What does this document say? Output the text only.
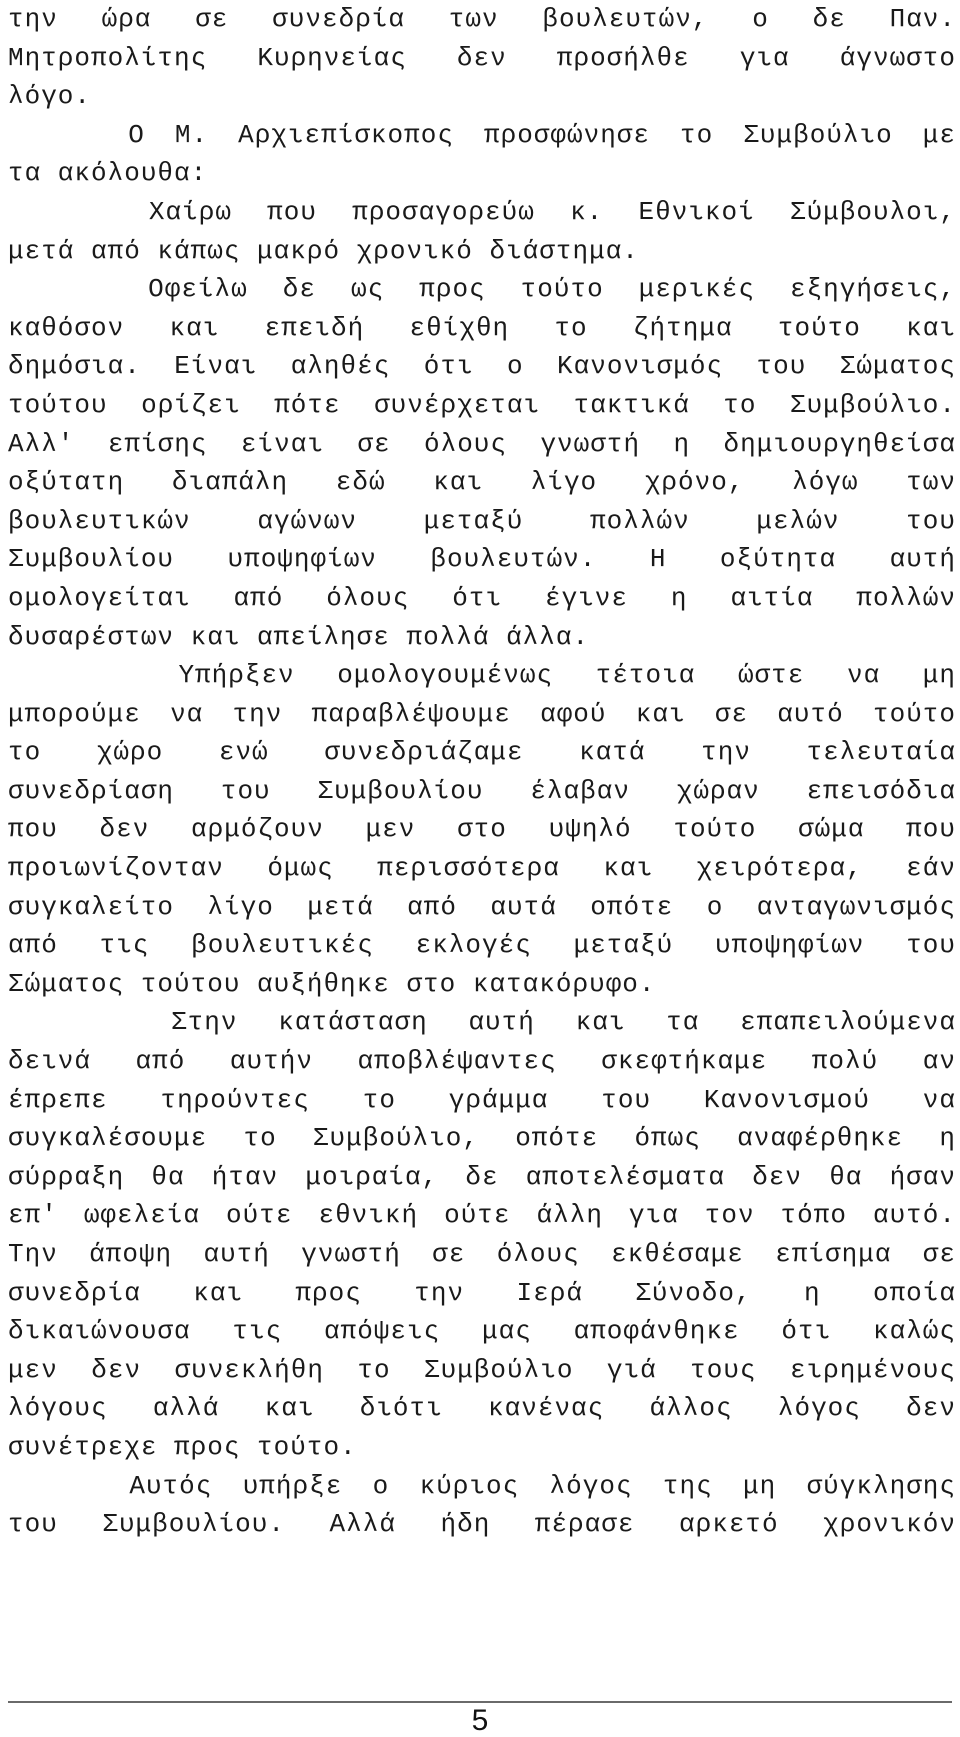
την ώρα σε συνεδρία των βουλευτών, ο δε Παν.
Μητροπολίτης Κυρηνείας δεν προσήλθε για άγνωστο
λόγο.
Ο Μ. Αρχιεπίσκοπος προσφώνησε το Συμβούλιο με
τα ακόλουθα:
Χαίρω που προσαγορεύω κ. Εθνικοί Σύμβουλοι,
μετά από κάπως μακρό χρονικό διάστημα.
Οφείλω δε ως προς τούτο μερικές εξηγήσεις,
καθόσον και επειδή εθίχθη το ζήτημα τούτο και
δημόσια. Είναι αληθές ότι ο Κανονισμός του Σώματος
τούτου ορίζει πότε συνέρχεται τακτικά το Συμβούλιο.
Αλλ' επίσης είναι σε όλους γνωστή η δημιουργηθείσα
οξύτατη διαπάλη εδώ και λίγο χρόνο, λόγω των
βουλευτικών αγώνων μεταξύ πολλών μελών του
Συμβουλίου υποψηφίων βουλευτών. Η οξύτητα αυτή
ομολογείται από όλους ότι έγινε η αιτία πολλών
δυσαρέστων και απείλησε πολλά άλλα.
Υπήρξεν ομολογουμένως τέτοια ώστε να μη
μπορούμε να την παραβλέψουμε αφού και σε αυτό τούτο
το χώρο ενώ συνεδριάζαμε κατά την τελευταία
συνεδρίαση του Συμβουλίου έλαβαν χώραν επεισόδια
που δεν αρμόζουν μεν στο υψηλό τούτο σώμα που
προιωνίζονταν όμως περισσότερα και χειρότερα, εάν
συγκαλείτο λίγο μετά από αυτά οπότε ο ανταγωνισμός
από τις βουλευτικές εκλογές μεταξύ υποψηφίων του
Σώματος τούτου αυξήθηκε στο κατακόρυφο.
Στην κατάσταση αυτή και τα επαπειλούμενα
δεινά από αυτήν αποβλέψαντες σκεφτήκαμε πολύ αν
έπρεπε τηρούντες το γράμμα του Κανονισμού να
συγκαλέσουμε το Συμβούλιο, οπότε όπως αναφέρθηκε η
σύρραξη θα ήταν μοιραία, δε αποτελέσματα δεν θα ήσαν
επ' ωφελεία ούτε εθνική ούτε άλλη για τον τόπο αυτό.
Την άποψη αυτή γνωστή σε όλους εκθέσαμε επίσημα σε
συνεδρία και προς την Ιερά Σύνοδο, η οποία
δικαιώνουσα τις απόψεις μας αποφάνθηκε ότι καλώς
μεν δεν συνεκλήθη το Συμβούλιο γιά τους ειρημένους
λόγους αλλά και διότι κανένας άλλος λόγος δεν
συνέτρεχε προς τούτο.
Αυτός υπήρξε ο κύριος λόγος της μη σύγκλησης
του Συμβουλίου. Αλλά ήδη πέρασε αρκετό χρονικόν
5
